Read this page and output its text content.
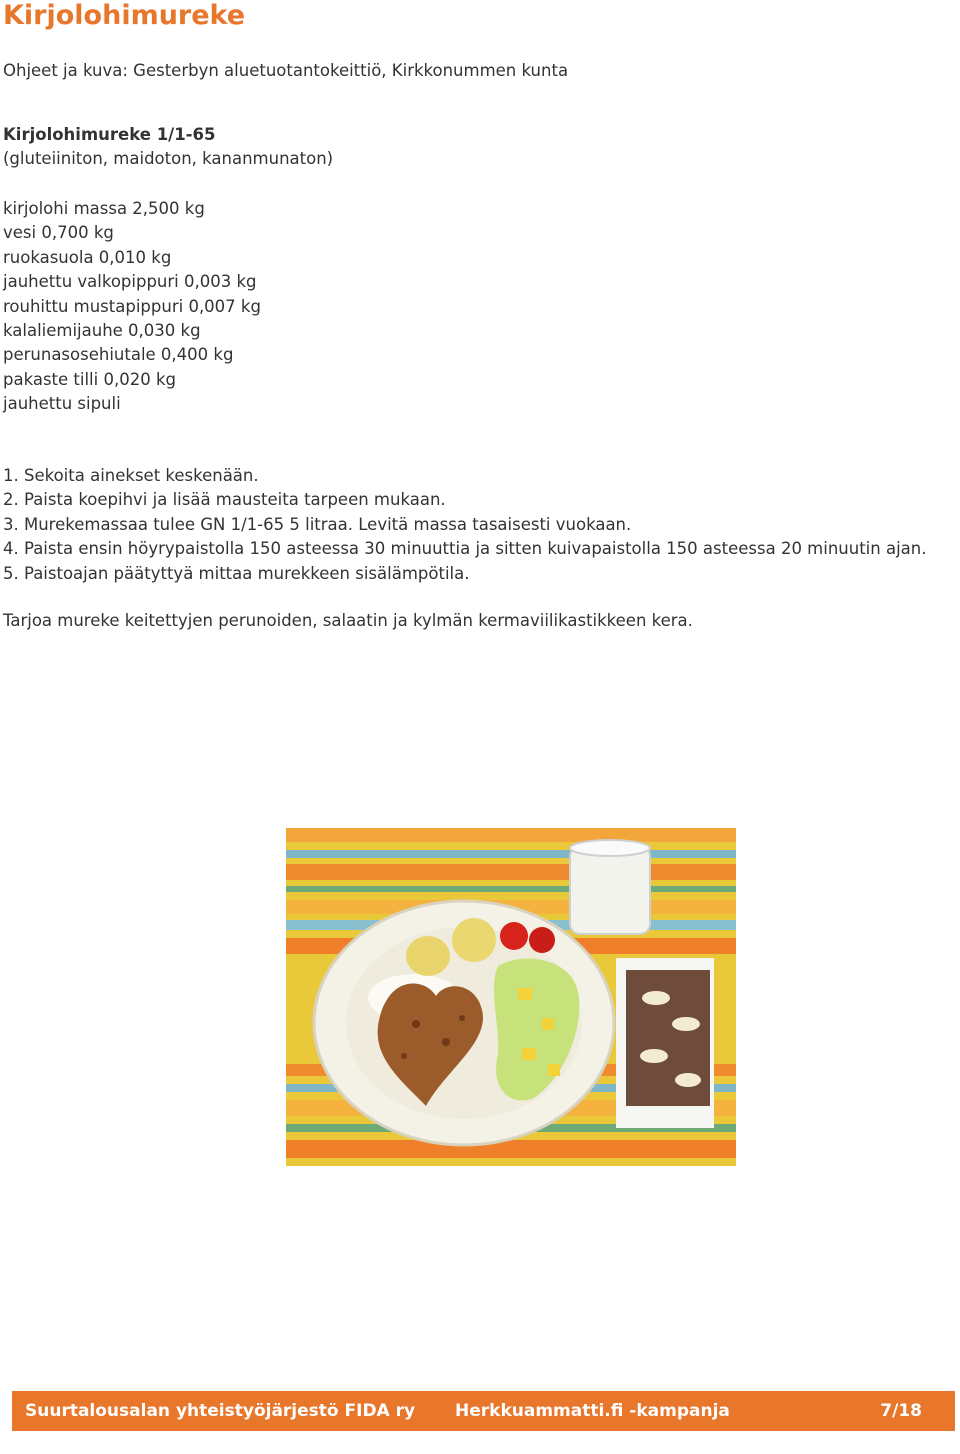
Kirjolohimureke
Ohjeet ja kuva: Gesterbyn aluetuotantokeittiö, Kirkkonummen kunta
Kirjolohimureke 1/1-65
(gluteiiniton, maidoton, kananmunaton)
kirjolohi massa 2,500 kg
vesi 0,700 kg
ruokasuola 0,010 kg
jauhettu valkopippuri 0,003 kg
rouhittu mustapippuri 0,007 kg
kalaliemijauhe 0,030 kg
perunasosehiutale 0,400 kg
pakaste tilli 0,020 kg
jauhettu sipuli
1. Sekoita ainekset keskenään.
2. Paista koepihvi ja lisää mausteita tarpeen mukaan.
3. Murekemassaa tulee GN 1/1-65 5 litraa. Levitä massa tasaisesti vuokaan.
4. Paista ensin höyrypaistolla 150 asteessa 30 minuuttia ja sitten kuivapaistolla 150 asteessa 20 minuutin ajan.
5. Paistoajan päätyttyä mittaa murekkeen sisälämpötila.
Tarjoa mureke keitettyjen perunoiden, salaatin ja kylmän kermaviilikastikkeen kera.
Suurtalousalan yhteistyöjärjestö FIDA ry Herkkuammatti.fi -kampanja	7/18
